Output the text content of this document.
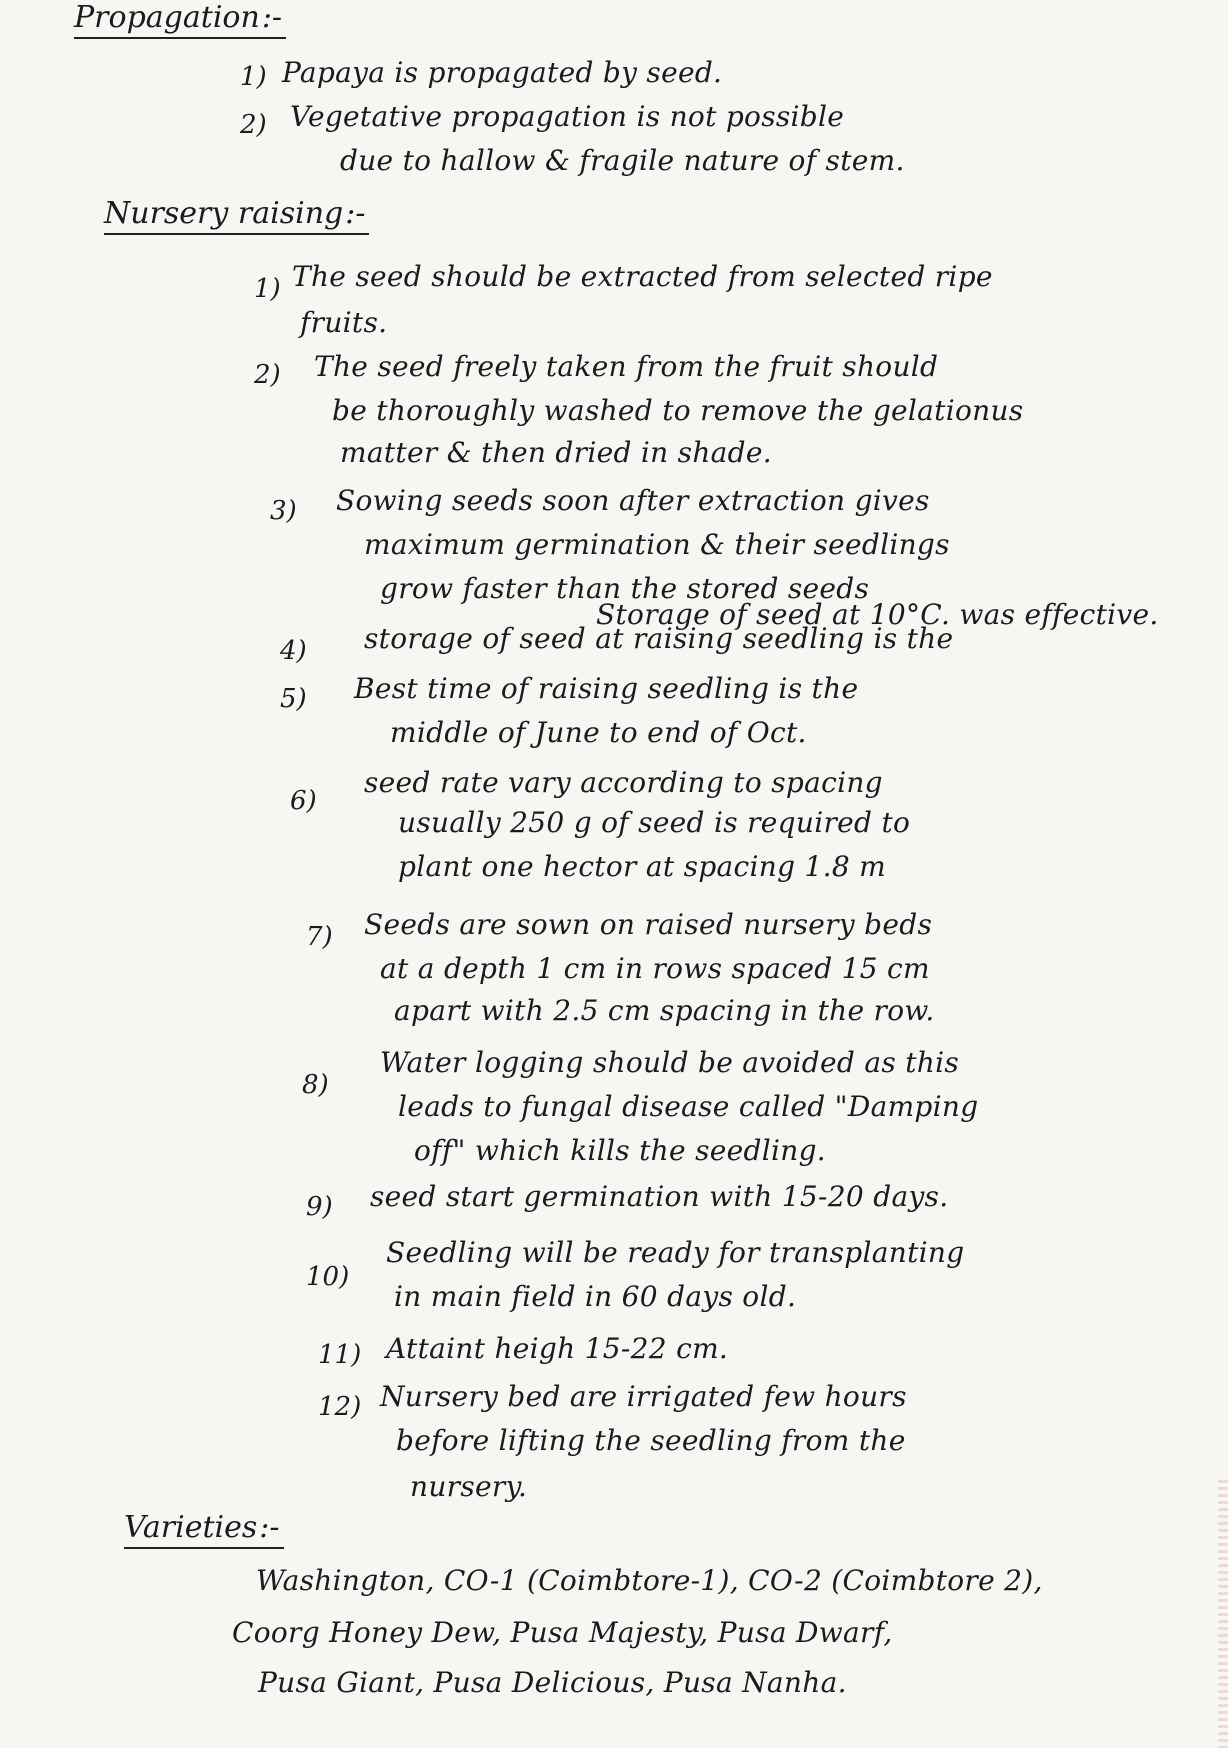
Propagation:-
1) Papaya is propagated by seed.
2) Vegetative propagation is not possible
due to hallow & fragile nature of stem.
Nursery raising:-
1) The seed should be extracted from selected ripe
fruits.
2) The seed freely taken from the fruit should
be thoroughly washed to remove the gelationus
matter & then dried in shade.
3) Sowing seeds soon after extraction gives
maximum germination & their seedlings
grow faster than the stored seeds
4)
Storage of seed at 10°C. was effective.
storage of seed at raising seedling is the
5) Best time of raising seedling is the
middle of June to end of Oct.
6)
seed rate vary according to spacing
usually 250 g of seed is required to
plant one hector at spacing 1.8 m
7) Seeds are sown on raised nursery beds
at a depth 1 cm in rows spaced 15 cm
apart with 2.5 cm spacing in the row.
8)
Water logging should be avoided as this
leads to fungal disease called "Damping
off" which kills the seedling.
9) seed start germination with 15-20 days.
10)
Seedling will be ready for transplanting
in main field in 60 days old.
11) Attaint heigh 15-22 cm.
12) Nursery bed are irrigated few hours
before lifting the seedling from the
nursery.
Varieties:-
Washington, CO-1 (Coimbtore-1), CO-2 (Coimbtore 2),
Coorg Honey Dew, Pusa Majesty, Pusa Dwarf,
Pusa Giant, Pusa Delicious, Pusa Nanha.
